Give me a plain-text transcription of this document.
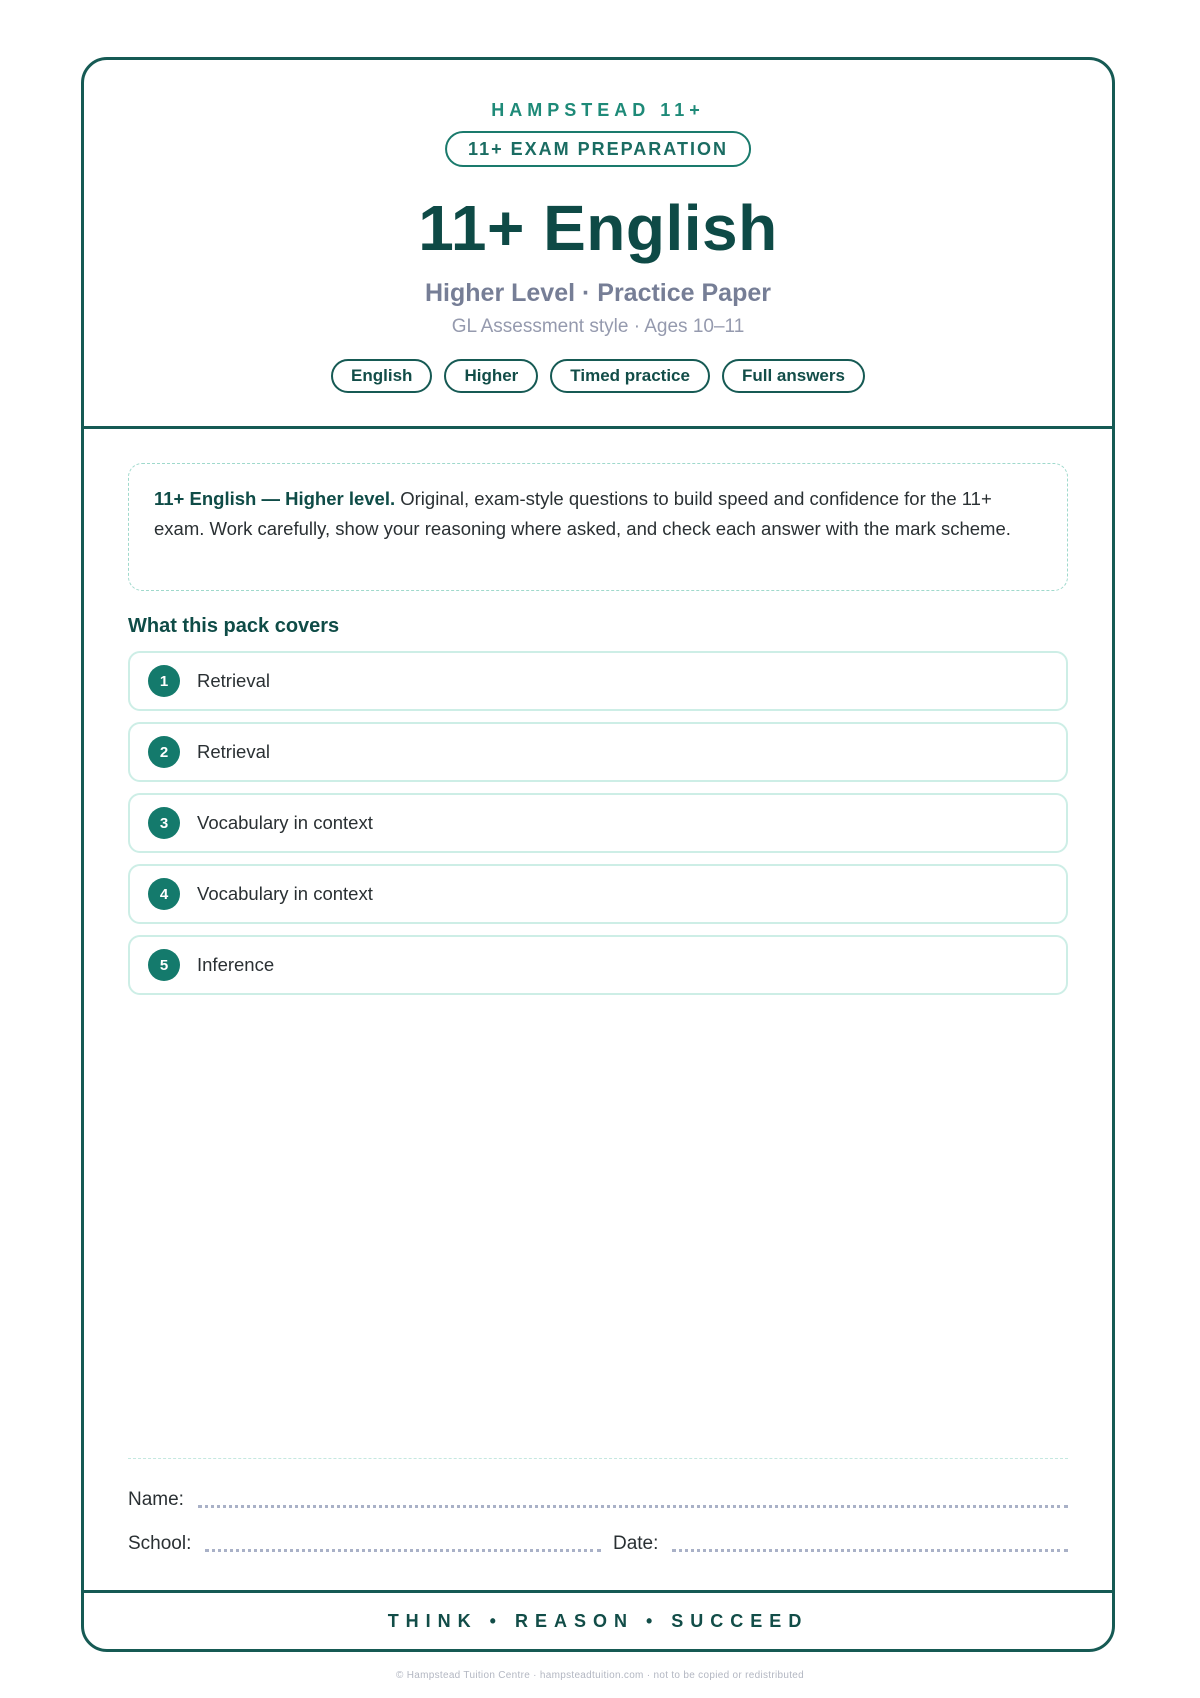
HAMPSTEAD 11+
11+ EXAM PREPARATION
11+ English
Higher Level · Practice Paper
GL Assessment style · Ages 10–11
English	Higher	Timed practice	Full answers
11+ English — Higher level. Original, exam-style questions to build speed and confidence for the 11+ exam. Work carefully, show your reasoning where asked, and check each answer with the mark scheme.
What this pack covers
1	Retrieval
2	Retrieval
3	Vocabulary in context
4	Vocabulary in context
5	Inference
Name:
School:	Date:
THINK • REASON • SUCCEED
© Hampstead Tuition Centre · hampsteadtuition.com · not to be copied or redistributed
